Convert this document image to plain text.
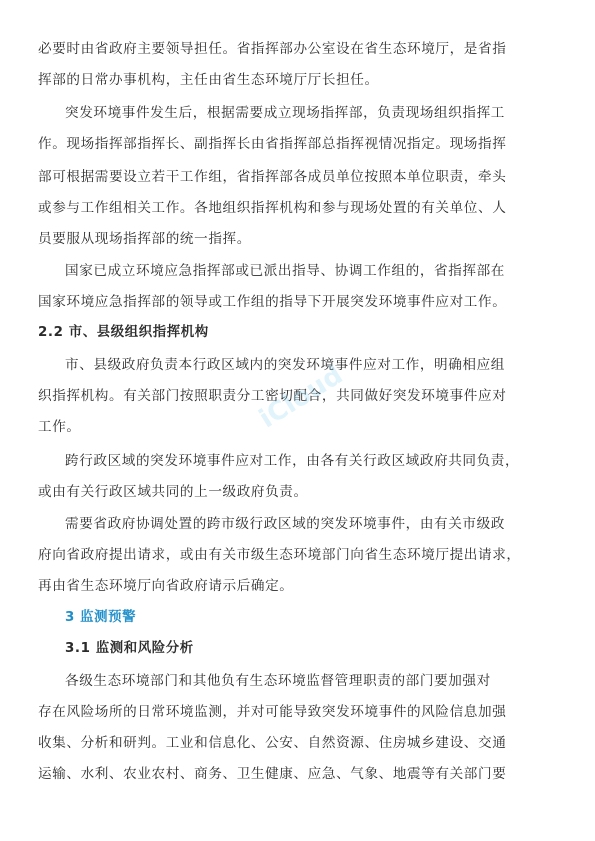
必要时由省政府主要领导担任。省指挥部办公室设在省生态环境厅，是省指
挥部的日常办事机构，主任由省生态环境厅厅长担任。
突发环境事件发生后，根据需要成立现场指挥部，负责现场组织指挥工
作。现场指挥部指挥长、副指挥长由省指挥部总指挥视情况指定。现场指挥
部可根据需要设立若干工作组，省指挥部各成员单位按照本单位职责，牵头
或参与工作组相关工作。各地组织指挥机构和参与现场处置的有关单位、人
员要服从现场指挥部的统一指挥。
国家已成立环境应急指挥部或已派出指导、协调工作组的，省指挥部在
国家环境应急指挥部的领导或工作组的指导下开展突发环境事件应对工作。
2.2 市、县级组织指挥机构
市、县级政府负责本行政区域内的突发环境事件应对工作，明确相应组
织指挥机构。有关部门按照职责分工密切配合，共同做好突发环境事件应对
工作。
跨行政区域的突发环境事件应对工作，由各有关行政区域政府共同负责，
或由有关行政区域共同的上一级政府负责。
需要省政府协调处置的跨市级行政区域的突发环境事件，由有关市级政
府向省政府提出请求，或由有关市级生态环境部门向省生态环境厅提出请求，
再由省生态环境厅向省政府请示后确定。
3 监测预警
3.1 监测和风险分析
各级生态环境部门和其他负有生态环境监督管理职责的部门要加强对
存在风险场所的日常环境监测，并对可能导致突发环境事件的风险信息加强
收集、分析和研判。工业和信息化、公安、自然资源、住房城乡建设、交通
运输、水利、农业农村、商务、卫生健康、应急、气象、地震等有关部门要
iCloud
